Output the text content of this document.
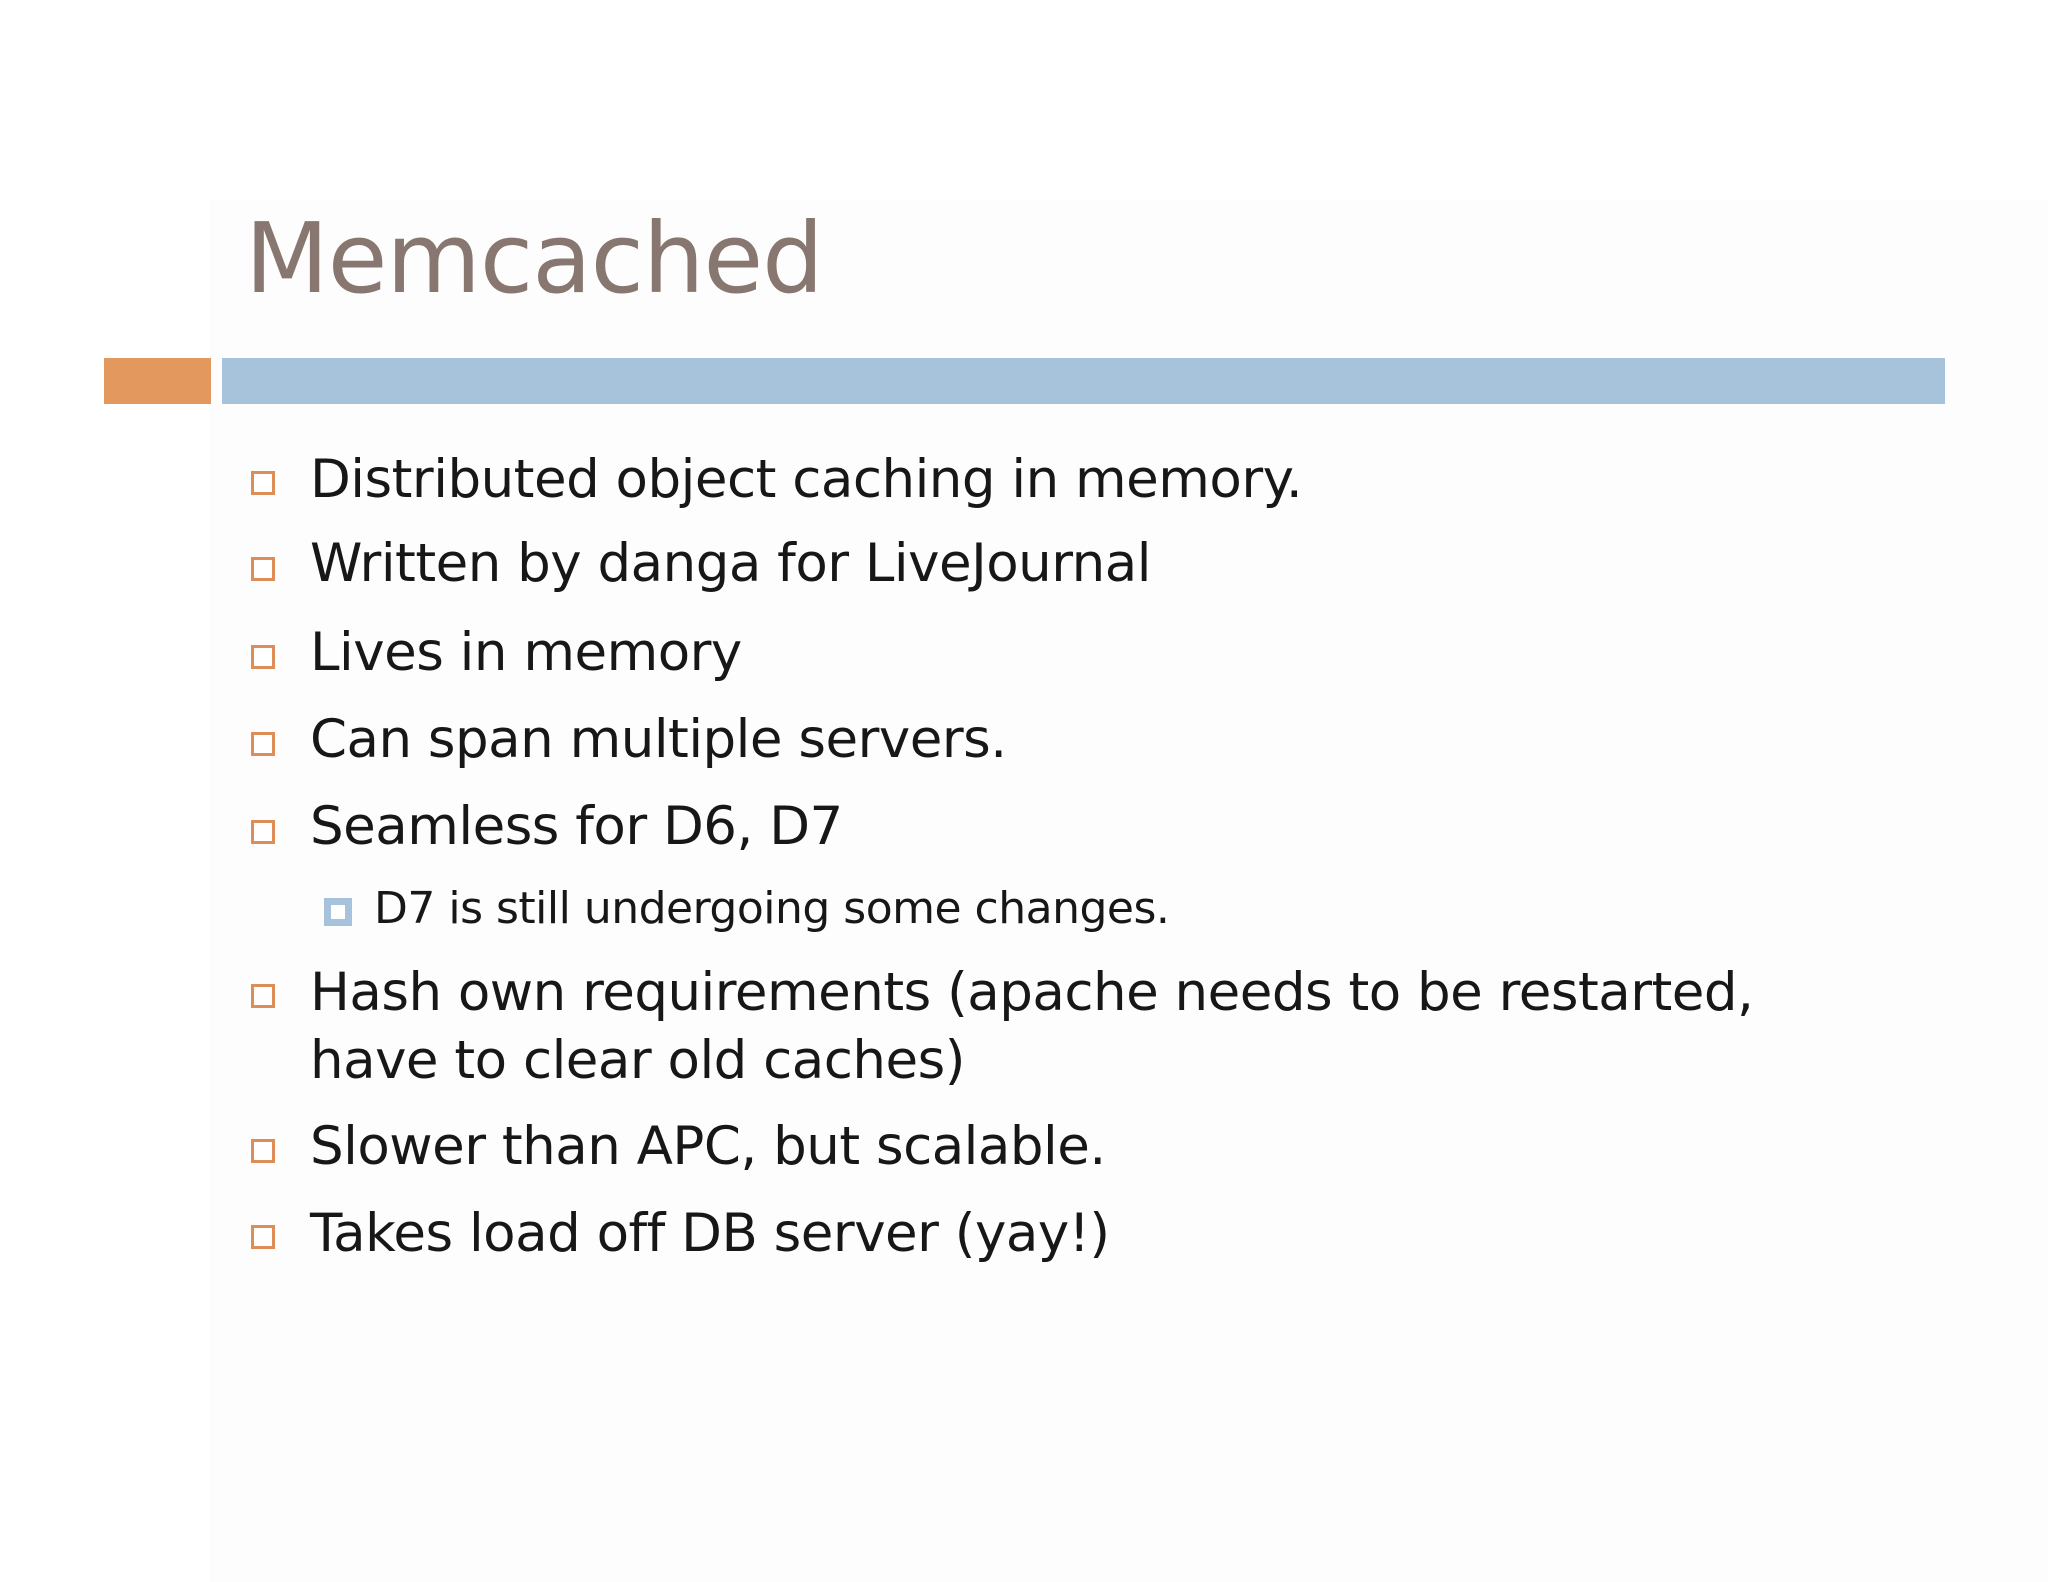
Memcached
Distributed object caching in memory.
Written by danga for LiveJournal
Lives in memory
Can span multiple servers.
Seamless for D6, D7
D7 is still undergoing some changes.
Hash own requirements (apache needs to be restarted,
have to clear old caches)
Slower than APC, but scalable.
Takes load off DB server (yay!)
